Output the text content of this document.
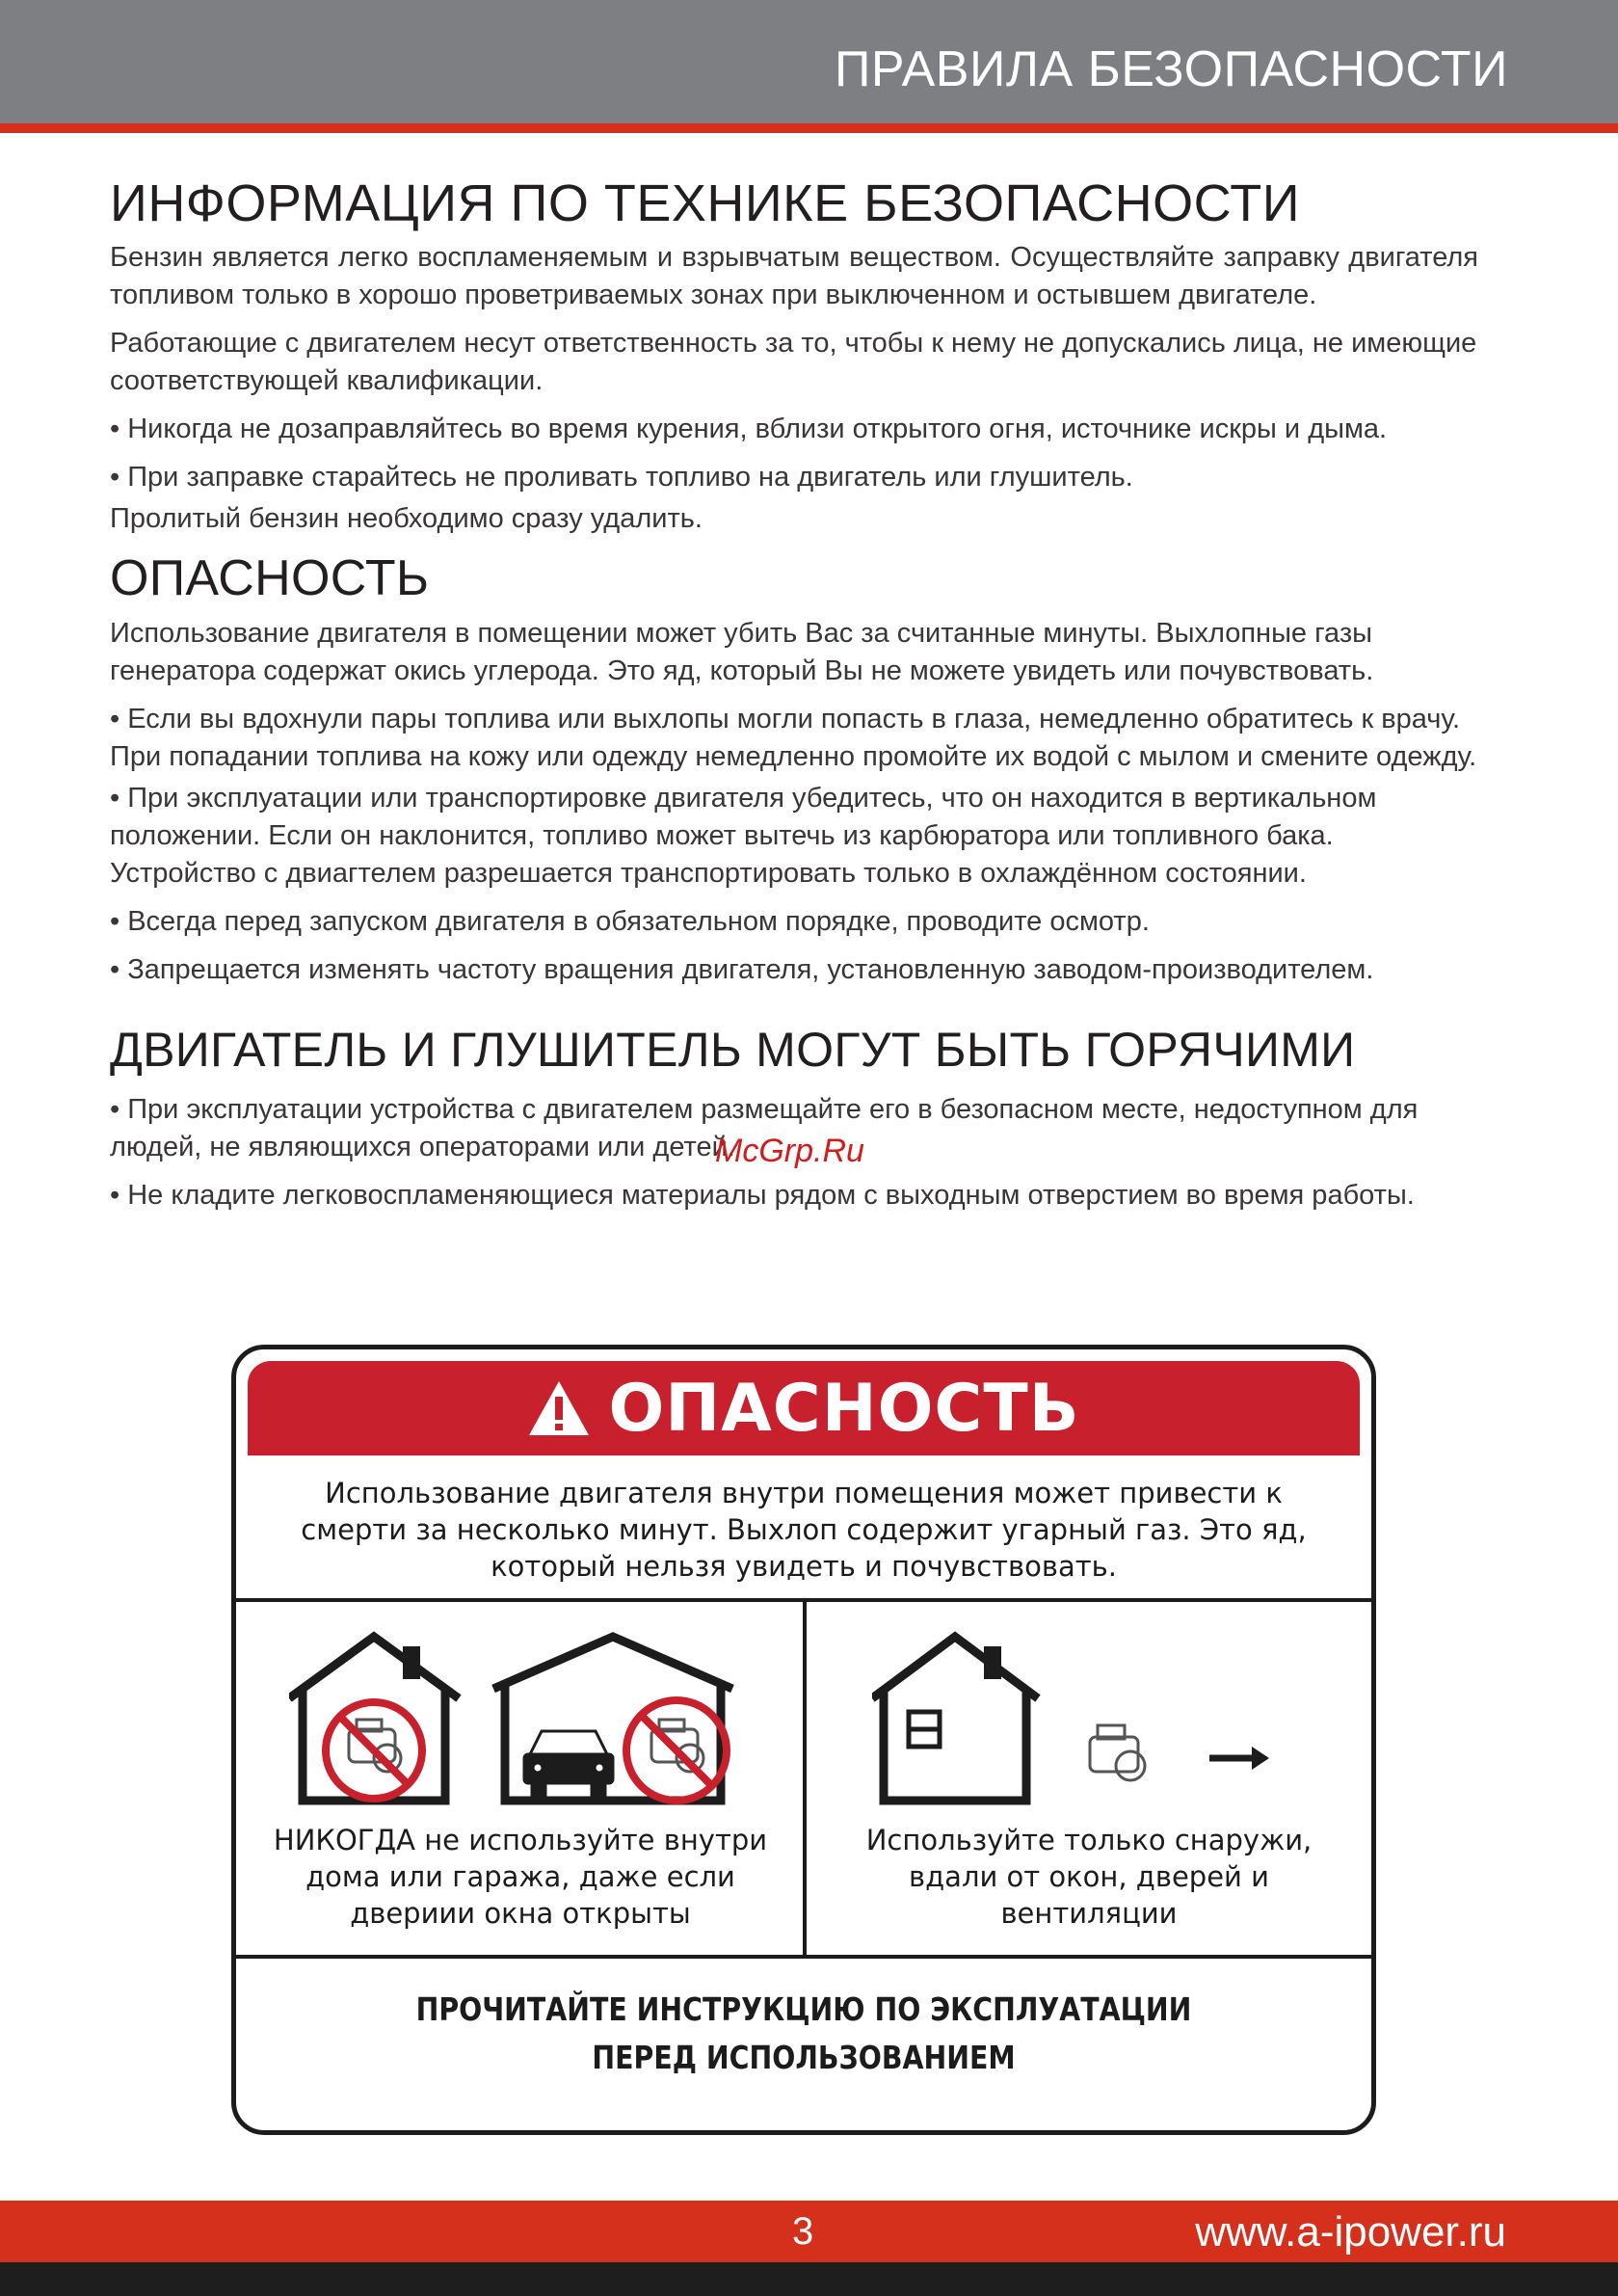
ПРАВИЛА БЕЗОПАСНОСТИ
ИНФОРМАЦИЯ ПО ТЕХНИКЕ БЕЗОПАСНОСТИ

Бензин является легко воспламеняемым и взрывчатым веществом. Осуществляйте заправку двигателя топливом только в хорошо проветриваемых зонах при выключенном и остывшем двигателе.

Работающие с двигателем несут ответственность за то, чтобы к нему не допускались лица, не имеющие соответствующей квалификации.

• Никогда не дозаправляйтесь во время курения, вблизи открытого огня, источнике искры и дыма.

• При заправке старайтесь не проливать топливо на двигатель или глушитель.

Пролитый бензин необходимо сразу удалить.

ОПАСНОСТЬ

Использование двигателя в помещении может убить Вас за считанные минуты. Выхлопные газы генератора содержат окись углерода. Это яд, который Вы не можете увидеть или почувствовать.

• Если вы вдохнули пары топлива или выхлопы могли попасть в глаза, немедленно обратитесь к врачу. При попадании топлива на кожу или одежду немедленно промойте их водой с мылом и смените одежду.

• При эксплуатации или транспортировке двигателя убедитесь, что он находится в вертикальном положении. Если он наклонится, топливо может вытечь из карбюратора или топливного бака. Устройство с двиагтелем разрешается транспортировать только в охлаждённом состоянии.

• Всегда перед запуском двигателя в обязательном порядке, проводите осмотр.

• Запрещается изменять частоту вращения двигателя, установленную заводом-производителем.

ДВИГАТЕЛЬ И ГЛУШИТЕЛЬ МОГУТ БЫТЬ ГОРЯЧИМИ

• При эксплуатации устройства с двигателем размещайте его в безопасном месте, недоступном для людей, не являющихся операторами или детей.

• Не кладите легковоспламеняющиеся материалы рядом с выходным отверстием во время работы.

McGrp.Ru
ОПАСНОСТЬ
Использование двигателя внутри помещения может привести к смерти за несколько минут. Выхлоп содержит угарный газ. Это яд, который нельзя увидеть и почувствовать.
НИКОГДА не используйте внутри дома или гаража, даже если двериии окна открыты
Используйте только снаружи, вдали от окон, дверей и вентиляции
ПРОЧИТАЙТЕ ИНСТРУКЦИЮ ПО ЭКСПЛУАТАЦИИ
ПЕРЕД ИСПОЛЬЗОВАНИЕМ
3	www.a-ipower.ru
